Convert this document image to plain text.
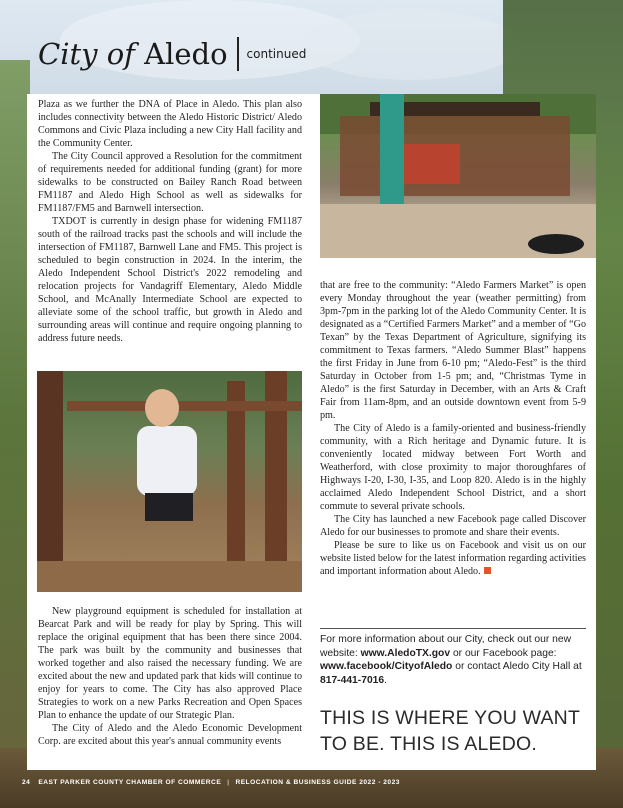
City of Aledo continued

Plaza as we further the DNA of Place in Aledo. This plan also includes connectivity between the Aledo Historic District/ Aledo Commons and Civic Plaza including a new City Hall facility and the Community Center.

The City Council approved a Resolution for the commitment of requirements needed for additional funding (grant) for more sidewalks to be constructed on Bailey Ranch Road between FM1187 and Aledo High School as well as sidewalks for FM1187/FM5 and Barnwell intersection.

TXDOT is currently in design phase for widening FM1187 south of the railroad tracks past the schools and will include the intersection of FM1187, Barnwell Lane and FM5. This project is scheduled to begin construction in 2024. In the interim, the Aledo Independent School District's 2022 remodeling and relocation projects for Vandagriff Elementary, Aledo Middle School, and McAnally Intermediate School are expected to alleviate some of the school traffic, but growth in Aledo and surrounding areas will continue and require ongoing planning to address future needs.

New playground equipment is scheduled for installation at Bearcat Park and will be ready for play by Spring. This will replace the original equipment that has been there since 2004. The park was built by the community and businesses that worked together and also raised the necessary funding. We are excited about the new and updated park that kids will continue to enjoy for years to come. The City has also approved Place Strategies to work on a new Parks Recreation and Open Spaces Plan to enhance the update of our Strategic Plan.

The City of Aledo and the Aledo Economic Development Corp. are excited about this year's annual community events

that are free to the community: “Aledo Farmers Market” is open every Monday throughout the year (weather permitting) from 3pm-7pm in the parking lot of the Aledo Community Center. It is designated as a “Certified Farmers Market” and a member of “Go Texan” by the Texas Department of Agriculture, signifying its commitment to Texas farmers. “Aledo Summer Blast” happens the first Friday in June from 6-10 pm; “Aledo-Fest” is the third Saturday in October from 1-5 pm; and, “Christmas Tyme in Aledo” is the first Saturday in December, with an Arts & Craft Fair from 11am-8pm, and an outside downtown event from 5-9 pm.

The City of Aledo is a family-oriented and business-friendly community, with a Rich heritage and Dynamic future. It is conveniently located midway between Fort Worth and Weatherford, with close proximity to major thoroughfares of Highways I-20, I-30, I-35, and Loop 820. Aledo is in the highly acclaimed Aledo Independent School District, and a short commute to several private schools.

The City has launched a new Facebook page called Discover Aledo for our businesses to promote and share their events.

Please be sure to like us on Facebook and visit us on our website listed below for the latest information regarding activities and important information about Aledo.

For more information about our City, check out our new website: www.AledoTX.gov or our Facebook page: www.facebook/CityofAledo or contact Aledo City Hall at 817-441-7016.
THIS IS WHERE YOU WANT
TO BE. THIS IS ALEDO.
24 EAST PARKER COUNTY CHAMBER OF COMMERCE | RELOCATION & BUSINESS GUIDE 2022 - 2023
